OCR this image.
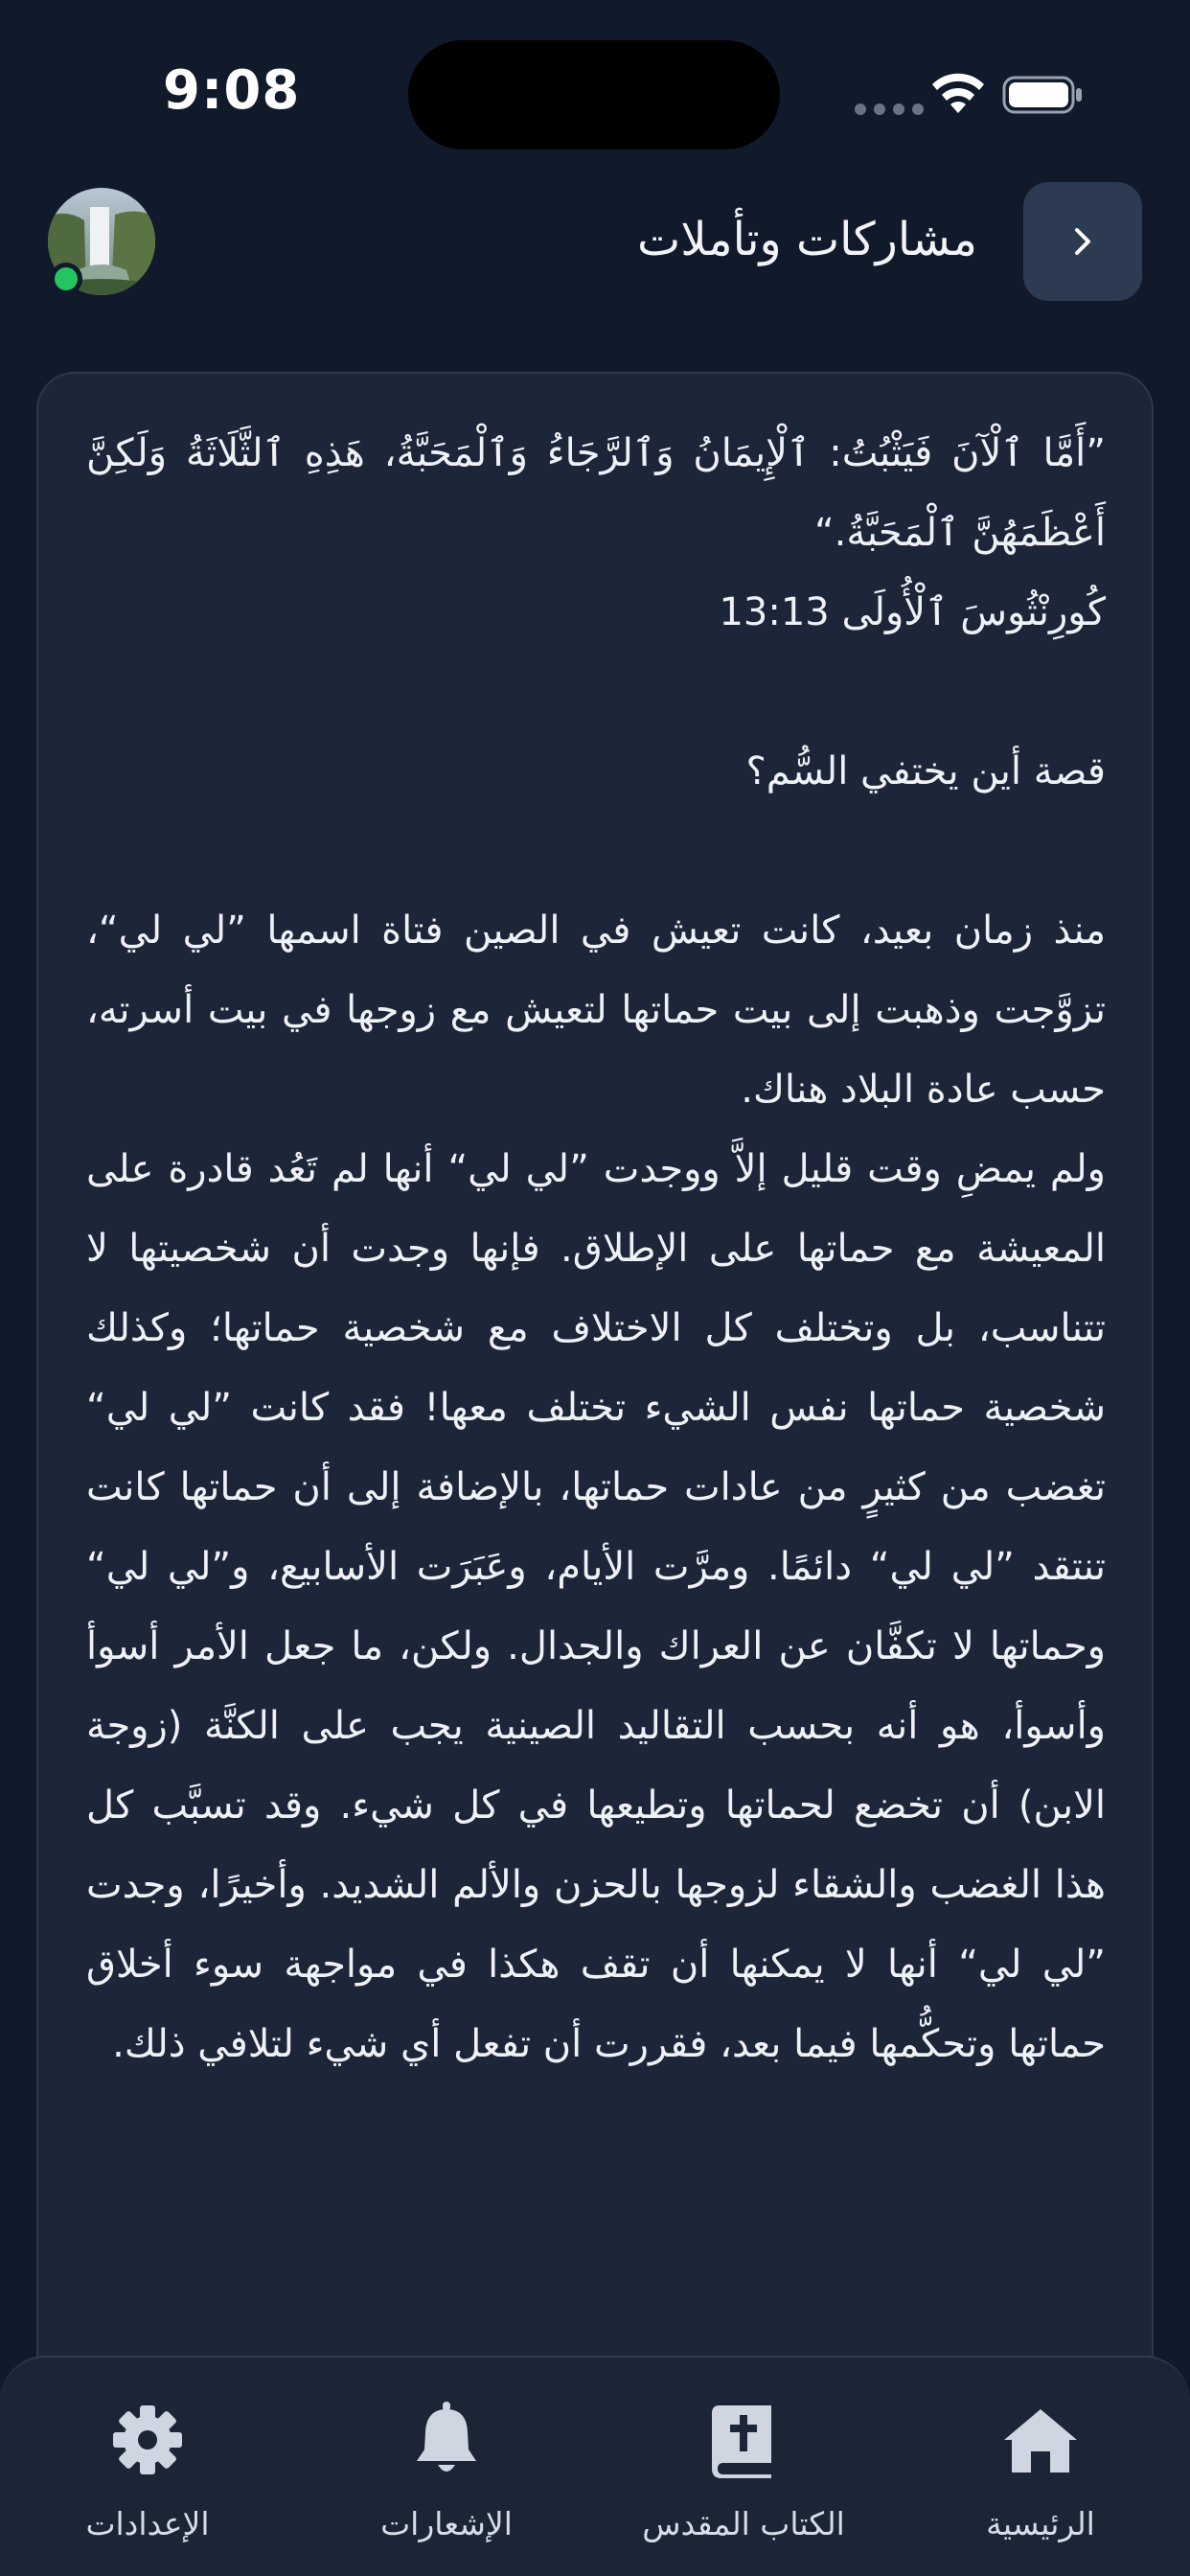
9:08
مشاركات وتأملات

”أَمَّا ٱلْآنَ فَيَثْبُتُ: ٱلْإِيمَانُ وَٱلرَّجَاءُ وَٱلْمَحَبَّةُ، هَذِهِ ٱلثَّلَاثَةُ وَلَكِنَّ أَعْظَمَهُنَّ ٱلْمَحَبَّةُ.“

كُورِنْثُوسَ ٱلْأُولَى 13:13

قصة أين يختفي السُّم؟

منذ زمان بعيد، كانت تعيش في الصين فتاة اسمها ”لي لي“، تزوَّجت وذهبت إلى بيت حماتها لتعيش مع زوجها في بيت أسرته، حسب عادة البلاد هناك.

ولم يمضِ وقت قليل إلاَّ ووجدت ”لي لي“ أنها لم تَعُد قادرة على المعيشة مع حماتها على الإطلاق. فإنها وجدت أن شخصيتها لا تتناسب، بل وتختلف كل الاختلاف مع شخصية حماتها؛ وكذلك شخصية حماتها نفس الشيء تختلف معها! فقد كانت ”لي لي“ تغضب من كثيرٍ من عادات حماتها، بالإضافة إلى أن حماتها كانت تنتقد ”لي لي“ دائمًا. ومرَّت الأيام، وعَبَرَت الأسابيع، و”لي لي“ وحماتها لا تكفَّان عن العراك والجدال. ولكن، ما جعل الأمر أسوأ وأسوأ، هو أنه بحسب التقاليد الصينية يجب على الكنَّة (زوجة الابن) أن تخضع لحماتها وتطيعها في كل شيء. وقد تسبَّب كل هذا الغضب والشقاء لزوجها بالحزن والألم الشديد. وأخيرًا، وجدت ”لي لي“ أنها لا يمكنها أن تقف هكذا في مواجهة سوء أخلاق حماتها وتحكُّمها فيما بعد، فقررت أن تفعل أي شيء لتلافي ذلك.

الرئيسية
الكتاب المقدس
الإشعارات
الإعدادات
